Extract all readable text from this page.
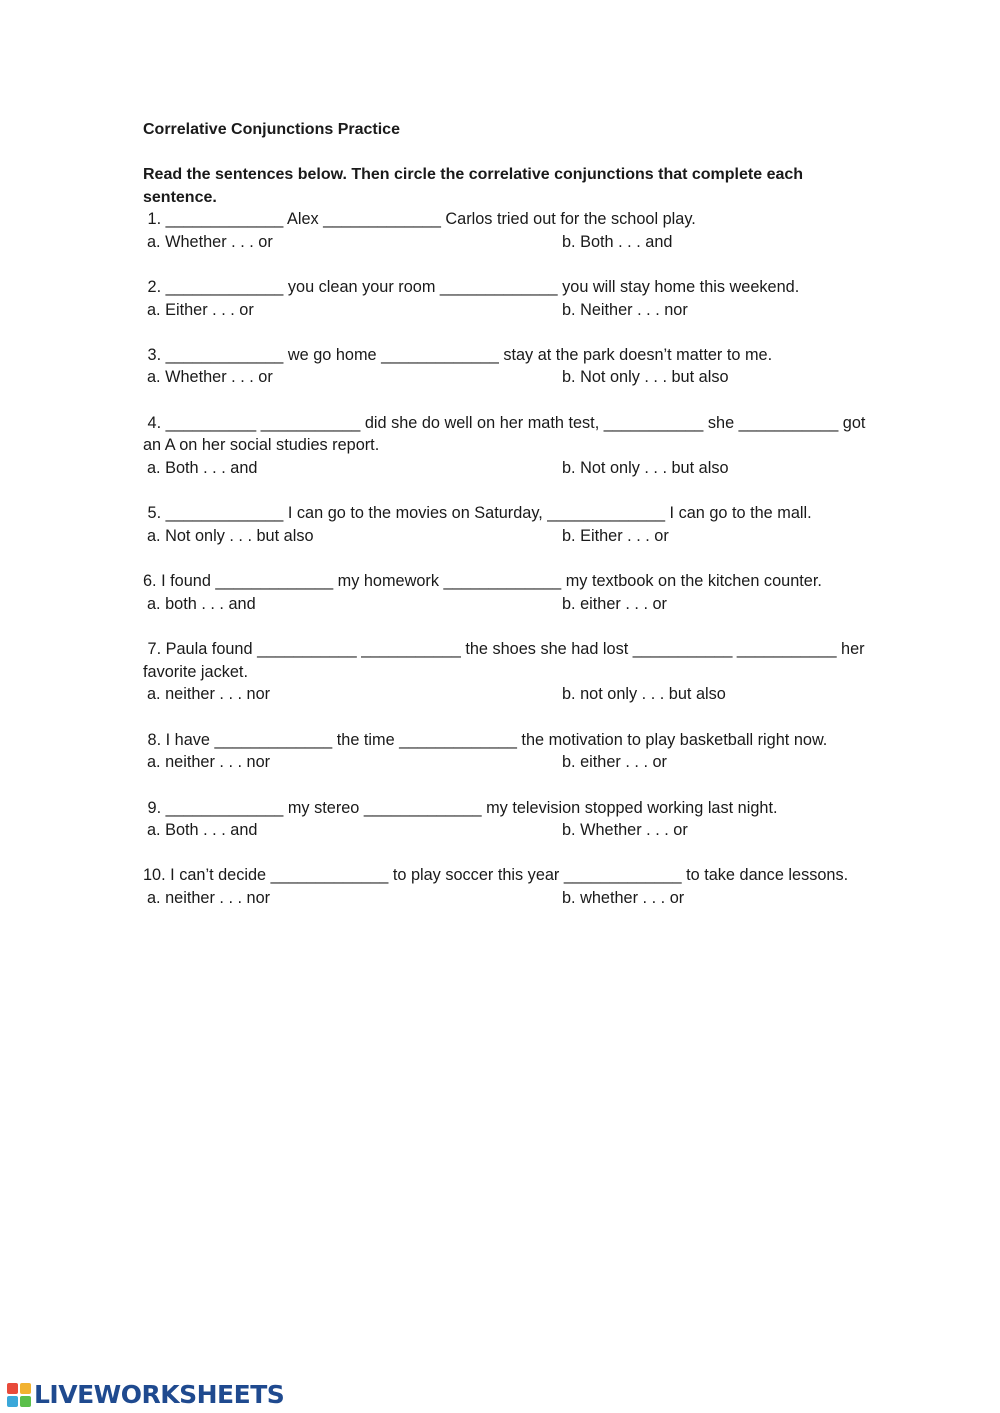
Correlative Conjunctions Practice
Read the sentences below. Then circle the correlative conjunctions that complete each sentence.
1. _____________ Alex _____________ Carlos tried out for the school play.
a. Whether . . . or	b. Both . . . and
2. _____________ you clean your room _____________ you will stay home this weekend.
a. Either . . . or	b. Neither . . . nor
3. _____________ we go home _____________ stay at the park doesn’t matter to me.
a. Whether . . . or	b. Not only . . . but also
4. __________ ___________ did she do well on her math test, ___________ she ___________ got an A on her social studies report.
a. Both . . . and	b. Not only . . . but also
5. _____________ I can go to the movies on Saturday, _____________ I can go to the mall.
a. Not only . . . but also	b. Either . . . or
6. I found _____________ my homework _____________ my textbook on the kitchen counter.
a. both . . . and	b. either . . . or
7. Paula found ___________ ___________ the shoes she had lost ___________ ___________ her favorite jacket.
a. neither . . . nor	b. not only . . . but also
8. I have _____________ the time _____________ the motivation to play basketball right now.
a. neither . . . nor	b. either . . . or
9. _____________ my stereo _____________ my television stopped working last night.
a. Both . . . and	b. Whether . . . or
10. I can’t decide _____________ to play soccer this year _____________ to take dance lessons.
a. neither . . . nor	b. whether . . . or
LIVEWORKSHEETS
